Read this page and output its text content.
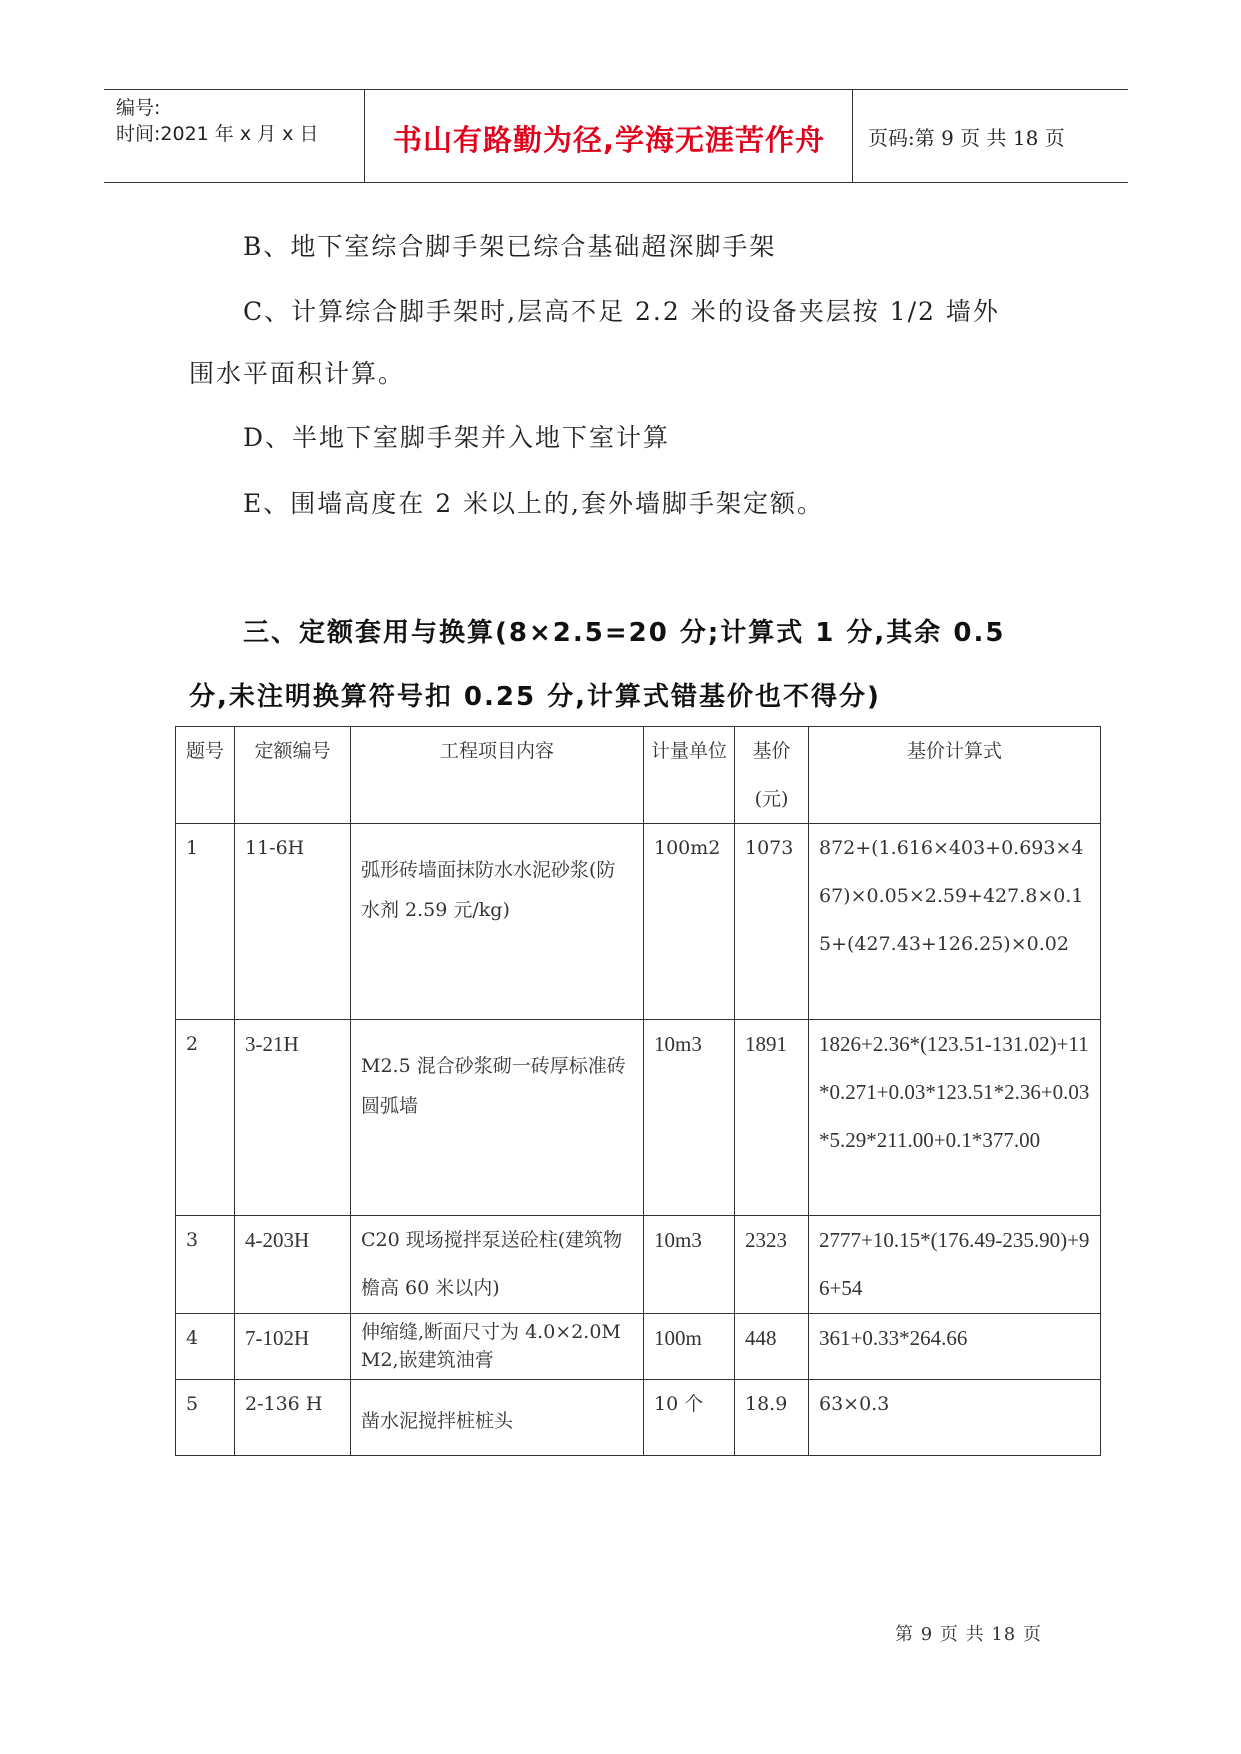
编号:
时间:2021 年 x 月 x 日	书山有路勤为径,学海无涯苦作舟	页码:第 9 页 共 18 页
B、地下室综合脚手架已综合基础超深脚手架
C、计算综合脚手架时,层高不足 2.2 米的设备夹层按 1/2 墙外
围水平面积计算。
D、半地下室脚手架并入地下室计算
E、围墙高度在 2 米以上的,套外墙脚手架定额。
三、定额套用与换算(8×2.5=20 分;计算式 1 分,其余 0.5
分,未注明换算符号扣 0.25 分,计算式错基价也不得分)
题号	定额编号	工程项目内容	计量单位	基价(元)	基价计算式
1	11-6H	弧形砖墙面抹防水水泥砂浆(防水剂 2.59 元/kg)	100m2	1073	872+(1.616×403+0.693×467)×0.05×2.59+427.8×0.15+(427.43+126.25)×0.02
2	3-21H	M2.5 混合砂浆砌一砖厚标准砖圆弧墙	10m3	1891	1826+2.36*(123.51-131.02)+11*0.271+0.03*123.51*2.36+0.03*5.29*211.00+0.1*377.00
3	4-203H	C20 现场搅拌泵送砼柱(建筑物檐高 60 米以内)	10m3	2323	2777+10.15*(176.49-235.90)+96+54
4	7-102H	伸缩缝,断面尺寸为 4.0×2.0MM2,嵌建筑油膏	100m	448	361+0.33*264.66
5	2-136 H	凿水泥搅拌桩桩头	10 个	18.9	63×0.3
第 9 页 共 18 页
